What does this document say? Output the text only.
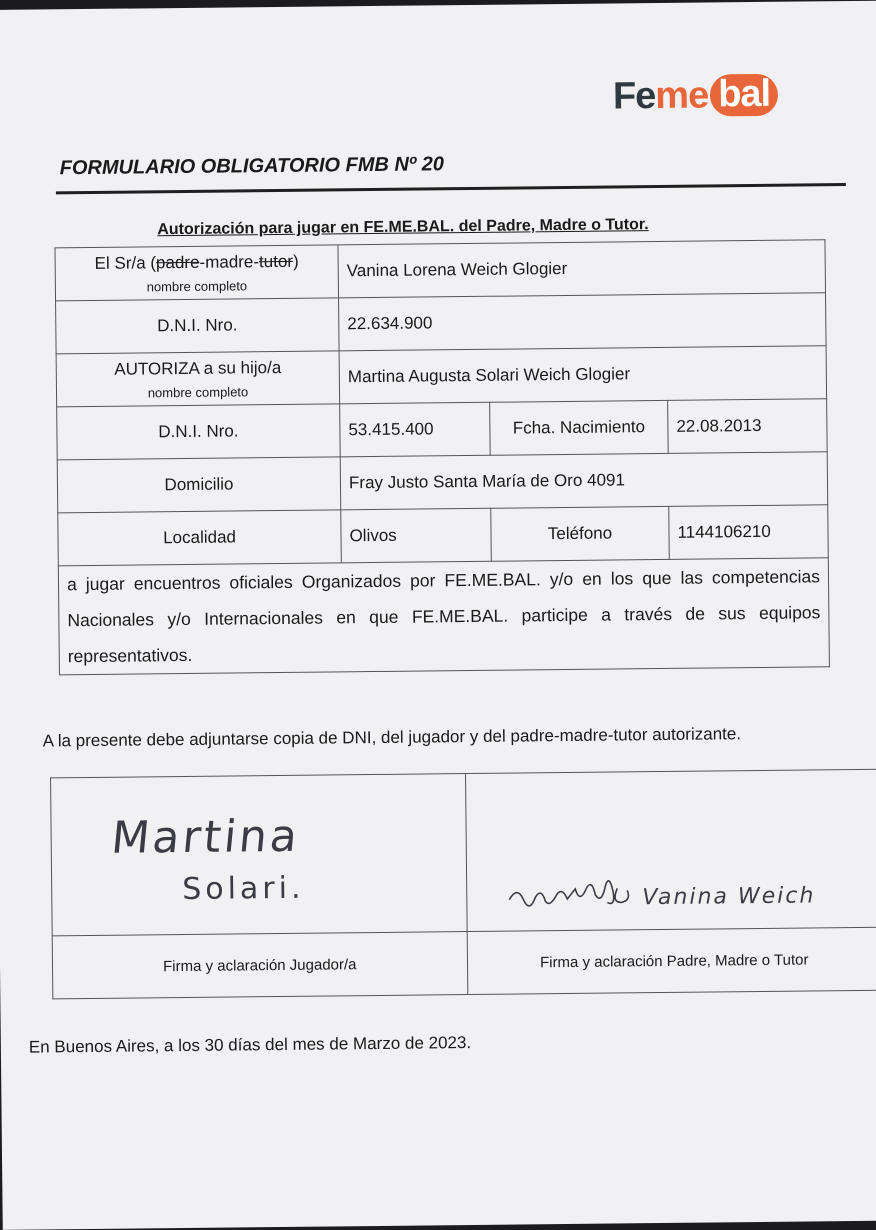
Fe me bal
FORMULARIO OBLIGATORIO FMB Nº 20
Autorización para jugar en FE.ME.BAL. del Padre, Madre o Tutor.
El Sr/a (padre-madre-tutor)
nombre completo	Vanina Lorena Weich Glogier		
D.N.I. Nro.	22.634.900		
AUTORIZA a su hijo/a
nombre completo	Martina Augusta Solari Weich Glogier		
D.N.I. Nro.	53.415.400	Fcha. Nacimiento	22.08.2013
Domicilio	Fray Justo Santa María de Oro 4091		
Localidad	Olivos	Teléfono	1144106210
a jugar encuentros oficiales Organizados por FE.ME.BAL. y/o en los que las competencias Nacionales y/o Internacionales en que FE.ME.BAL. participe a través de sus equipos representativos.			
A la presente debe adjuntarse copia de DNI, del jugador y del padre-madre-tutor autorizante.
Martina
Solari.	Vanina Weich

Firma y aclaración Jugador/a	Firma y aclaración Padre, Madre o Tutor
En Buenos Aires, a los 30 días del mes de Marzo de 2023.
